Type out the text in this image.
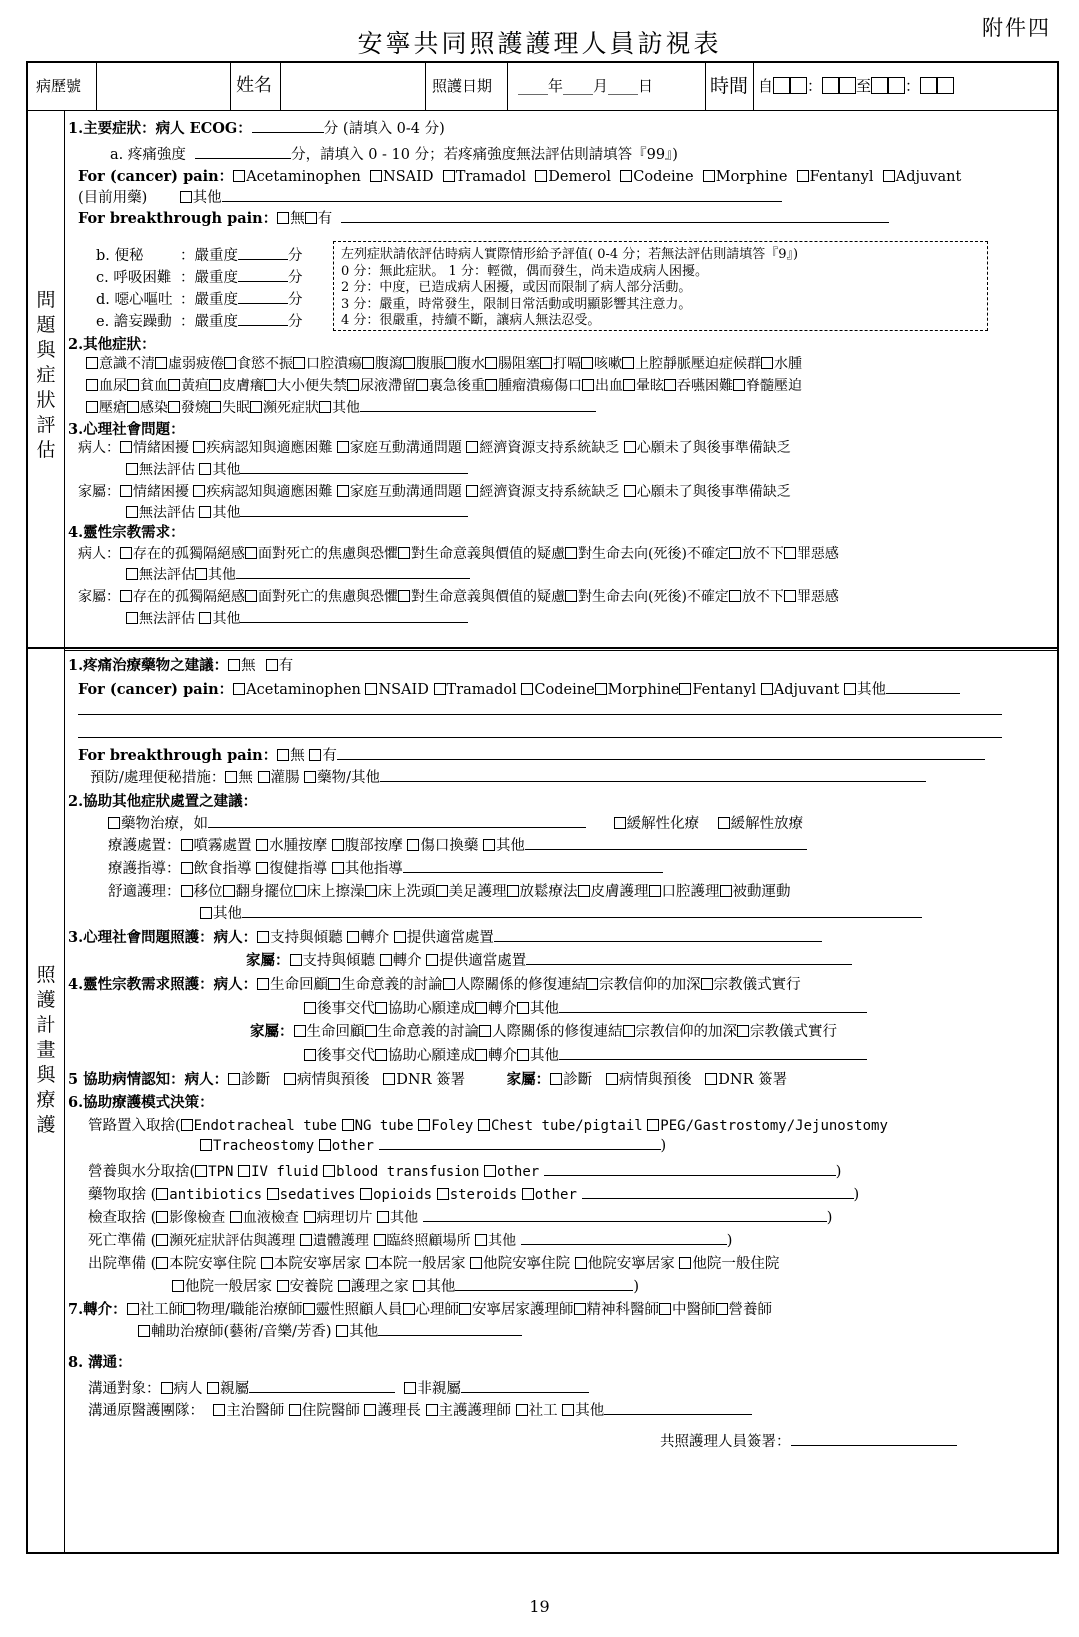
安寧共同照護護理人員訪視表
附件四
病歷號	姓名	照護日期 ____年____月____日	時間 自 ： 至 ：
問
題
與
症
狀
評
估
照
護
計
畫
與
療
護
1.主要症狀：病人 ECOG：	分 (請填入 0-4 分)
a. 疼痛強度	分，請填入 0 - 10 分；若疼痛強度無法評估則請填答『99』)
For (cancer) pain： Acetaminophen NSAID Tramadol Demerol Codeine Morphine Fentanyl Adjuvant
(目前用藥)	其他
For breakthrough pain： 無 有
b. 便秘	：嚴重度	分
c. 呼吸困難 ：嚴重度	分
d. 噁心嘔吐 ：嚴重度	分
e. 譫妄躁動 ：嚴重度	分
左列症狀請依評估時病人實際情形給予評值( 0-4 分；若無法評估則請填答『9』)
0 分：無此症狀。 1 分：輕微，偶而發生，尚未造成病人困擾。
2 分：中度，已造成病人困擾，或因而限制了病人部分活動。
3 分：嚴重，時常發生，限制日常活動或明顯影響其注意力。
4 分：很嚴重，持續不斷，讓病人無法忍受。
2.其他症狀：
意識不清 虛弱疲倦 食慾不振 口腔潰瘍 腹瀉 腹脹 腹水 腸阻塞 打嗝 咳嗽 上腔靜脈壓迫症候群 水腫
血尿 貧血 黃疸 皮膚癢 大小便失禁 尿液滯留 裏急後重 腫瘤潰瘍傷口 出血 暈眩 吞嚥困難 脊髓壓迫
壓瘡 感染 發燒 失眠 瀕死症狀 其他
3.心理社會問題：
病人： 情緒困擾 疾病認知與適應困難 家庭互動溝通問題 經濟資源支持系統缺乏 心願未了與後事準備缺乏
無法評估 其他
家屬： 情緒困擾 疾病認知與適應困難 家庭互動溝通問題 經濟資源支持系統缺乏 心願未了與後事準備缺乏
無法評估 其他
4.靈性宗教需求：
病人： 存在的孤獨隔絕感 面對死亡的焦慮與恐懼 對生命意義與價值的疑慮 對生命去向(死後)不確定 放不下 罪惡感
無法評估 其他
家屬： 存在的孤獨隔絕感 面對死亡的焦慮與恐懼 對生命意義與價值的疑慮 對生命去向(死後)不確定 放不下 罪惡感
無法評估 其他
1.疼痛治療藥物之建議： 無 有
For (cancer) pain： Acetaminophen NSAID Tramadol Codeine Morphine Fentanyl Adjuvant 其他
For breakthrough pain： 無 有
預防/處理便秘措施： 無 灌腸 藥物/其他
2.協助其他症狀處置之建議：
藥物治療，如	緩解性化療 緩解性放療
療護處置： 噴霧處置 水腫按摩 腹部按摩 傷口換藥 其他
療護指導： 飲食指導 復健指導 其他指導
舒適護理： 移位 翻身擺位 床上擦澡 床上洗頭 美足護理 放鬆療法 皮膚護理 口腔護理 被動運動
其他
3.心理社會問題照護：病人： 支持與傾聽 轉介 提供適當處置
家屬： 支持與傾聽 轉介 提供適當處置
4.靈性宗教需求照護：病人： 生命回顧 生命意義的討論 人際關係的修復連結 宗教信仰的加深 宗教儀式實行
後事交代 協助心願達成 轉介 其他
家屬： 生命回顧 生命意義的討論 人際關係的修復連結 宗教信仰的加深 宗教儀式實行
後事交代 協助心願達成 轉介 其他
5 協助病情認知：病人： 診斷 病情與預後 DNR 簽署	家屬： 診斷 病情與預後 DNR 簽署
6.協助療護模式決策：
管路置入取捨( Endotracheal tube NG tube Foley Chest tube/pigtail PEG/Gastrostomy/Jejunostomy
Tracheostomy other	)
營養與水分取捨( TPN IV fluid blood transfusion other	)
藥物取捨 ( antibiotics sedatives opioids steroids other	)
檢查取捨 ( 影像檢查 血液檢查 病理切片 其他	)
死亡準備 ( 瀕死症狀評估與護理 遺體護理 臨終照顧場所 其他	)
出院準備 ( 本院安寧住院 本院安寧居家 本院一般居家 他院安寧住院 他院安寧居家 他院一般住院
他院一般居家 安養院 護理之家 其他	)
7.轉介： 社工師 物理/職能治療師 靈性照顧人員 心理師 安寧居家護理師 精神科醫師 中醫師 營養師
輔助治療師(藝術/音樂/芳香) 其他
8. 溝通：
溝通對象： 病人 親屬	非親屬
溝通原醫護團隊： 主治醫師 住院醫師 護理長 主護護理師 社工 其他
共照護理人員簽署：
19
